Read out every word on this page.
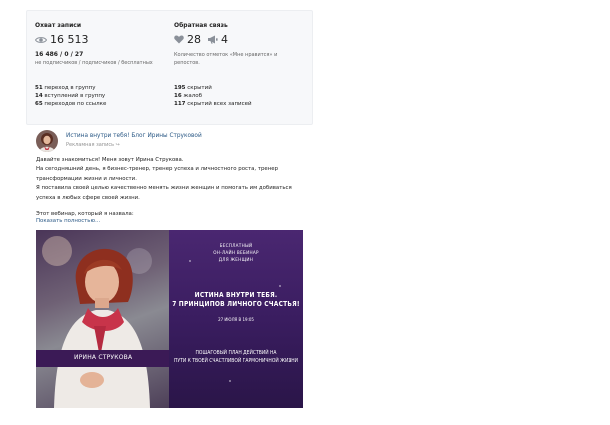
Охват записи
16 513
16 486 / 0 / 27
не подписчиков / подписчиков / бесплатных
51 переход в группу
14 вступлений в группу
65 переходов по ссылке
Обратная связь
28 4
Количество отметок «Мне нравится» и репостов.
195 скрытий
16 жалоб
117 скрытий всех записей
Истина внутри тебя! Блог Ирины Струковой
Рекламная запись ↪

Давайте знакомиться! Меня зовут Ирина Струкова.

На сегодняшний день, я бизнес-тренер, тренер успеха и личностного роста, тренер

трансформации жизни и личности.

Я поставила своей целью качественно менять жизни женщин и помогать им добиваться

успеха в любых сфере своей жизни.

Этот вебинар, который я назвала:

Показать полностью…
ИРИНА СТРУКОВА
БЕСПЛАТНЫЙ
ОН-ЛАЙН ВЕБИНАР
ДЛЯ ЖЕНЩИН
ИСТИНА ВНУТРИ ТЕБЯ.
7 ПРИНЦИПОВ ЛИЧНОГО СЧАСТЬЯ!
27 ИЮЛЯ В 19:05
ПОШАГОВЫЙ ПЛАН ДЕЙСТВИЙ НА
ПУТИ К ТВОЕЙ СЧАСТЛИВОЙ ГАРМОНИЧНОЙ ЖИЗНИ
